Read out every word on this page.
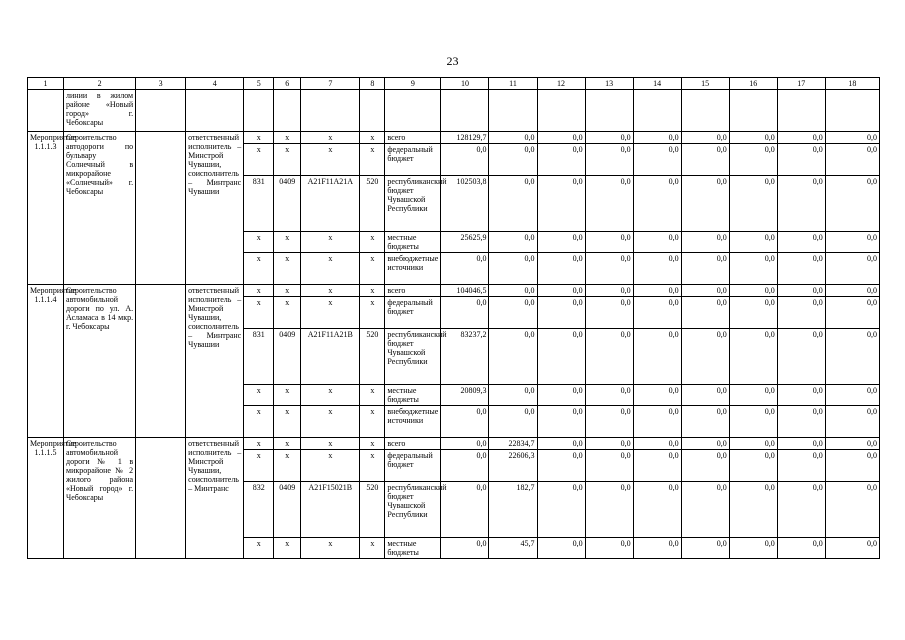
23
1	2	3	4	5	6	7	8	9	10	11	12	13	14	15	16	17	18
	линии в жилом районе «Новый город» г. Чебоксары																
Мероприятие 1.1.1.3	Строительство автодороги по бульвару Солнечный в микрорайоне «Солнечный» г. Чебоксары		ответственный исполнитель – Минстрой Чувашии, соисполнитель – Минтранс Чувашии	x	x	x	x	всего	128129,7	0,0	0,0	0,0	0,0	0,0	0,0	0,0	0,0
				x	x	x	x	федеральный бюджет	0,0	0,0	0,0	0,0	0,0	0,0	0,0	0,0	0,0
				831	0409	A21F11A21A	520	республиканский бюджет Чувашской Республики	102503,8	0,0	0,0	0,0	0,0	0,0	0,0	0,0	0,0
				x	x	x	x	местные бюджеты	25625,9	0,0	0,0	0,0	0,0	0,0	0,0	0,0	0,0
				x	x	x	x	внебюджетные источники	0,0	0,0	0,0	0,0	0,0	0,0	0,0	0,0	0,0
Мероприятие 1.1.1.4	Строительство автомобильной дороги по ул. А. Асламаса в 14 мкр. г. Чебоксары		ответственный исполнитель – Минстрой Чувашии, соисполнитель – Минтранс Чувашии	x	x	x	x	всего	104046,5	0,0	0,0	0,0	0,0	0,0	0,0	0,0	0,0
				x	x	x	x	федеральный бюджет	0,0	0,0	0,0	0,0	0,0	0,0	0,0	0,0	0,0
				831	0409	A21F11A21B	520	республиканский бюджет Чувашской Республики	83237,2	0,0	0,0	0,0	0,0	0,0	0,0	0,0	0,0
				x	x	x	x	местные бюджеты	20809,3	0,0	0,0	0,0	0,0	0,0	0,0	0,0	0,0
				x	x	x	x	внебюджетные источники	0,0	0,0	0,0	0,0	0,0	0,0	0,0	0,0	0,0
Мероприятие 1.1.1.5	Строительство автомобильной дороги № 1 в микрорайоне № 2 жилого района «Новый город» г. Чебоксары		ответственный исполнитель – Минстрой Чувашии, соисполнитель – Минтранс	x	x	x	x	всего	0,0	22834,7	0,0	0,0	0,0	0,0	0,0	0,0	0,0
				x	x	x	x	федеральный бюджет	0,0	22606,3	0,0	0,0	0,0	0,0	0,0	0,0	0,0
				832	0409	A21F15021B	520	республиканский бюджет Чувашской Республики	0,0	182,7	0,0	0,0	0,0	0,0	0,0	0,0	0,0
				x	x	x	x	местные бюджеты	0,0	45,7	0,0	0,0	0,0	0,0	0,0	0,0	0,0
